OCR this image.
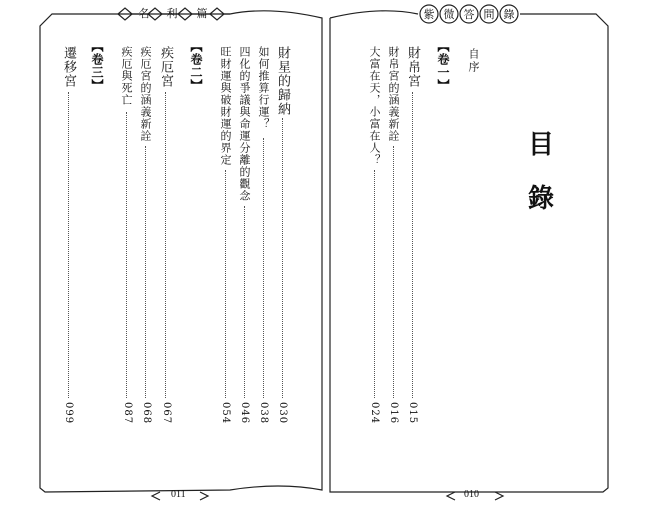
名 利 篇	紫 微 答 問 錄
財星的歸納
030
如何推算行運？
038
四化的爭議與命運分離的觀念
046
旺財運與破財運的界定
054
【卷二】
疾厄宮
067
疾厄宮的涵義新詮
068
疾厄與死亡
087
【卷三】
遷移宮
099
自序
【卷一】
財帛宮
015
財帛宮的涵義新詮
016
大富在天，小富在人？
024
目
錄
011	010
